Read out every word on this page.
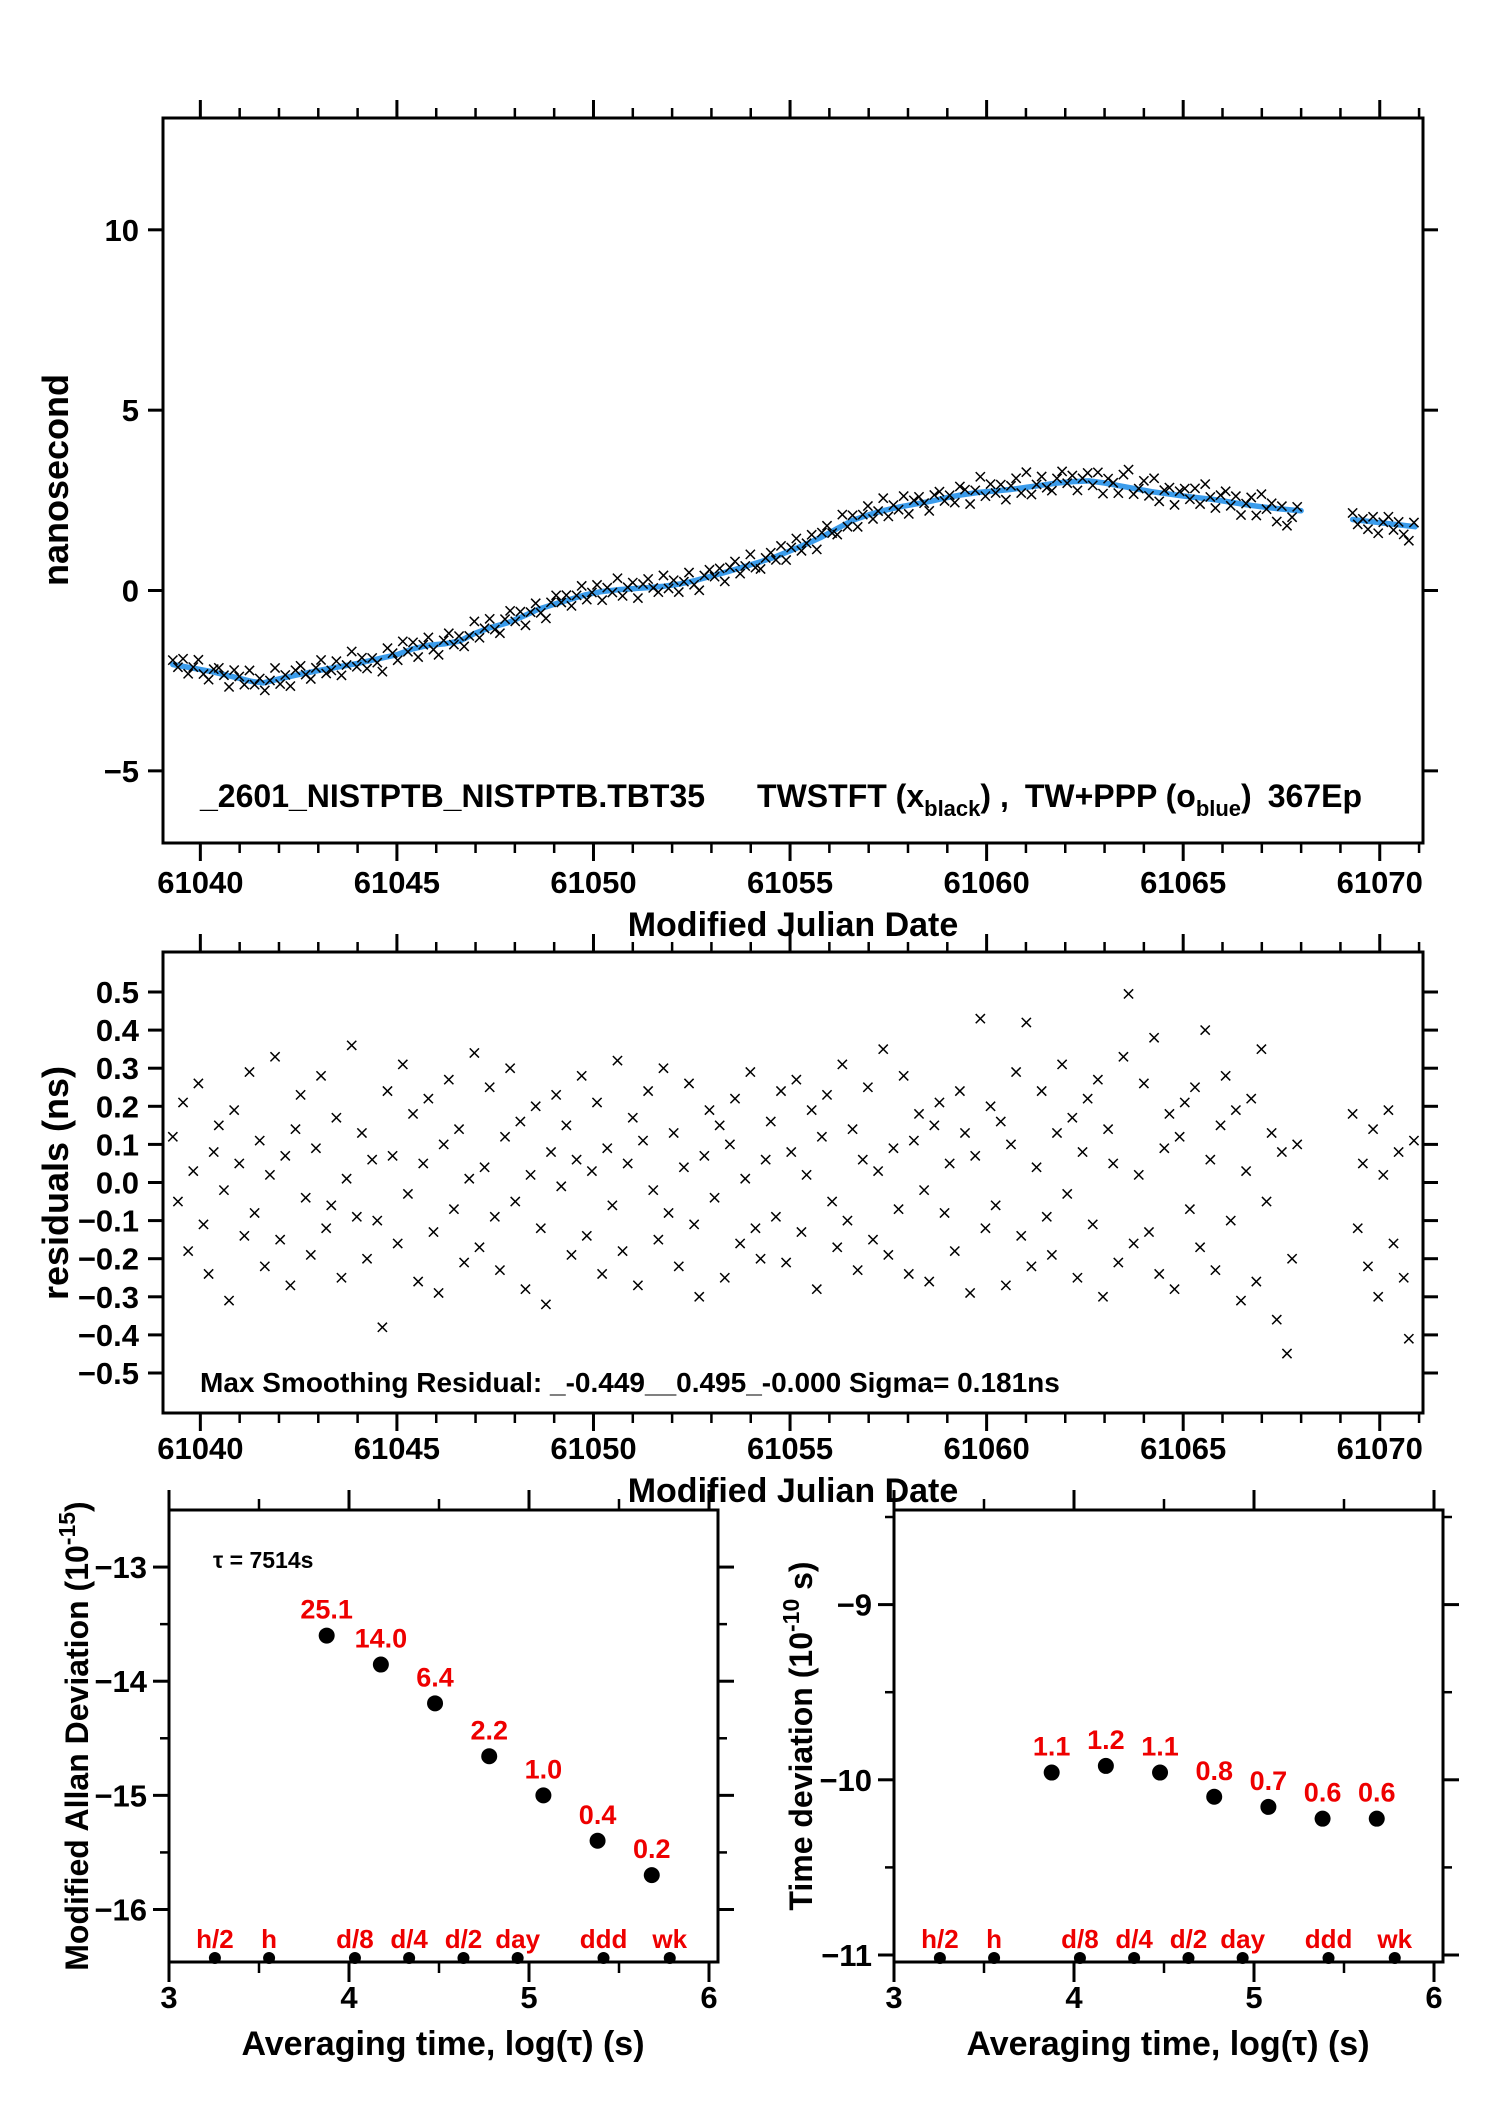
61040	61045	61050	61055	61060	61065	61070
−5
0
5
10
61040	61045	61050	61055	61060	61065	61070
−0.5
−0.4
−0.3
−0.2
−0.1
0.0
0.1
0.2
0.3
0.4
0.5
3	4	5	6
−16
−15
−14
−13
h/2 h d/8 d/4 d/2 day ddd wk
25.1
14.0
6.4
2.2
1.0
0.4
0.2
3	4	5	6
−11
−10
−9
h/2 h d/8 d/4 d/2 day ddd wk
1.1 1.2 1.1
0.8 0.7 0.6 0.6
nanosecond
_2601_NISTPTB_NISTPTB.TBT35 TWSTFT $(x_{black})$ , TW+PPP $(o_{blue})$ 367Ep
Modified Julian Date
residuals (ns)
Max Smoothing Residual: _-0.449__0.495_-0.000 Sigma= 0.181ns
Modified Julian Date
Modified Allan Deviation $(10^{-15})$
τ = 7514s
Averaging time, log(τ) (s)
Time deviation ($10^{-10}$ s)
Averaging time, log(τ) (s)
